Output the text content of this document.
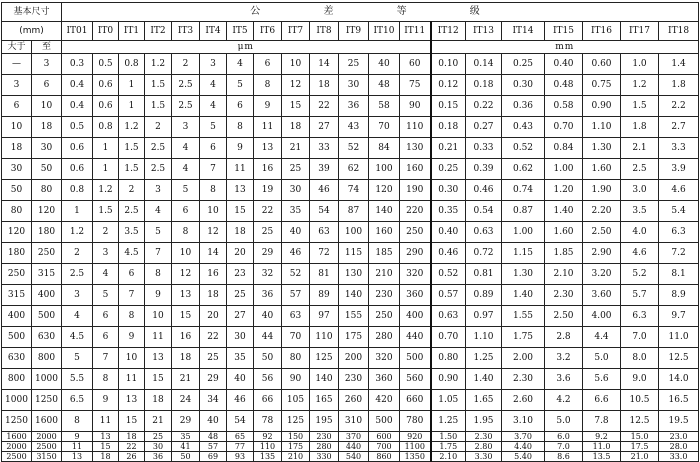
基本尺寸		公 差 等 级																			
(mm)		IT01	IT0	IT1	IT2	IT3	IT4	IT5	IT6	IT7	IT8	IT9	IT10	IT11	IT12	IT13	IT14	IT15	IT16	IT17	IT18
大于	至	μm													mm						
—	3	0.3	0.5	0.8	1.2	2	3	4	6	10	14	25	40	60	0.10	0.14	0.25	0.40	0.60	1.0	1.4
3	6	0.4	0.6	1	1.5	2.5	4	5	8	12	18	30	48	75	0.12	0.18	0.30	0.48	0.75	1.2	1.8
6	10	0.4	0.6	1	1.5	2.5	4	6	9	15	22	36	58	90	0.15	0.22	0.36	0.58	0.90	1.5	2.2
10	18	0.5	0.8	1.2	2	3	5	8	11	18	27	43	70	110	0.18	0.27	0.43	0.70	1.10	1.8	2.7
18	30	0.6	1	1.5	2.5	4	6	9	13	21	33	52	84	130	0.21	0.33	0.52	0.84	1.30	2.1	3.3
30	50	0.6	1	1.5	2.5	4	7	11	16	25	39	62	100	160	0.25	0.39	0.62	1.00	1.60	2.5	3.9
50	80	0.8	1.2	2	3	5	8	13	19	30	46	74	120	190	0.30	0.46	0.74	1.20	1.90	3.0	4.6
80	120	1	1.5	2.5	4	6	10	15	22	35	54	87	140	220	0.35	0.54	0.87	1.40	2.20	3.5	5.4
120	180	1.2	2	3.5	5	8	12	18	25	40	63	100	160	250	0.40	0.63	1.00	1.60	2.50	4.0	6.3
180	250	2	3	4.5	7	10	14	20	29	46	72	115	185	290	0.46	0.72	1.15	1.85	2.90	4.6	7.2
250	315	2.5	4	6	8	12	16	23	32	52	81	130	210	320	0.52	0.81	1.30	2.10	3.20	5.2	8.1
315	400	3	5	7	9	13	18	25	36	57	89	140	230	360	0.57	0.89	1.40	2.30	3.60	5.7	8.9
400	500	4	6	8	10	15	20	27	40	63	97	155	250	400	0.63	0.97	1.55	2.50	4.00	6.3	9.7
500	630	4.5	6	9	11	16	22	30	44	70	110	175	280	440	0.70	1.10	1.75	2.8	4.4	7.0	11.0
630	800	5	7	10	13	18	25	35	50	80	125	200	320	500	0.80	1.25	2.00	3.2	5.0	8.0	12.5
800	1000	5.5	8	11	15	21	29	40	56	90	140	230	360	560	0.90	1.40	2.30	3.6	5.6	9.0	14.0
1000	1250	6.5	9	13	18	24	34	46	66	105	165	260	420	660	1.05	1.65	2.60	4.2	6.6	10.5	16.5
1250	1600	8	11	15	21	29	40	54	78	125	195	310	500	780	1.25	1.95	3.10	5.0	7.8	12.5	19.5
1600	2000	9	13	18	25	35	48	65	92	150	230	370	600	920	1.50	2.30	3.70	6.0	9.2	15.0	23.0
2000	2500	11	15	22	30	41	57	77	110	175	280	440	700	1100	1.75	2.80	4.40	7.0	11.0	17.5	28.0
2500	3150	13	18	26	36	50	69	93	135	210	330	540	860	1350	2.10	3.30	5.40	8.6	13.5	21.0	33.0
